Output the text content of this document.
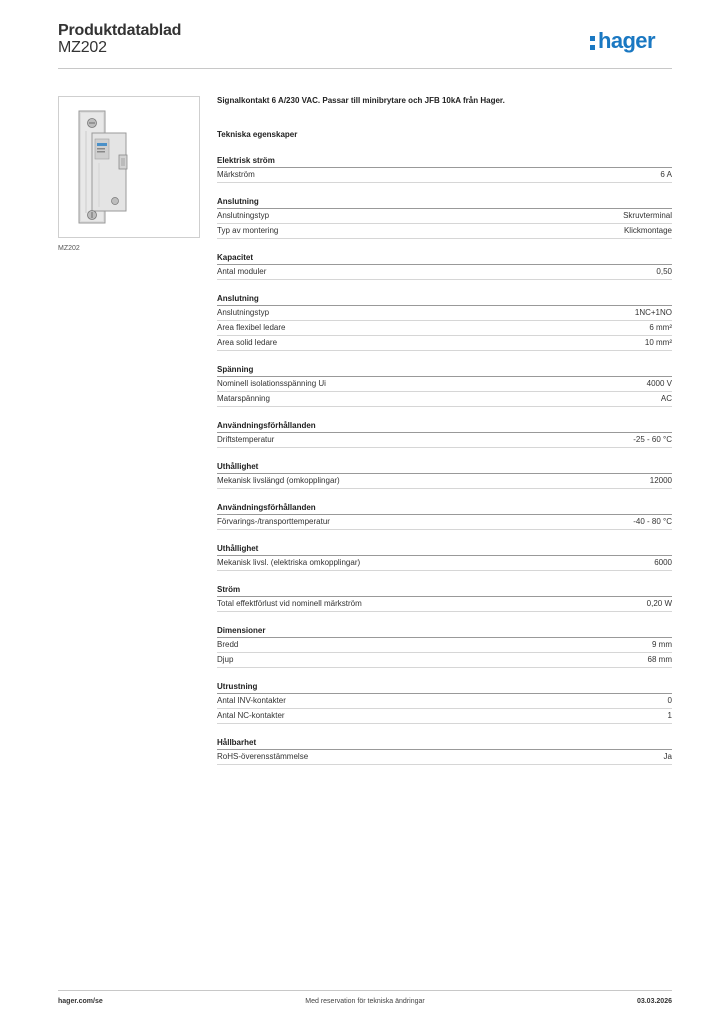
Produktdatablad
MZ202	hager
MZ202
Signalkontakt 6 A/230 VAC. Passar till minibrytare och JFB 10kA från Hager.
Tekniska egenskaper
Elektrisk ström
Märkström	6 A
Anslutning
Anslutningstyp	Skruvterminal
Typ av montering	Klickmontage
Kapacitet
Antal moduler	0,50
Anslutning
Anslutningstyp	1NC+1NO
Area flexibel ledare	6 mm²
Area solid ledare	10 mm²
Spänning
Nominell isolationsspänning Ui	4000 V
Matarspänning	AC
Användningsförhållanden
Driftstemperatur	-25 - 60 °C
Uthållighet
Mekanisk livslängd (omkopplingar)	12000
Användningsförhållanden
Förvarings-/transporttemperatur	-40 - 80 °C
Uthållighet
Mekanisk livsl. (elektriska omkopplingar)	6000
Ström
Total effektförlust vid nominell märkström	0,20 W
Dimensioner
Bredd	9 mm
Djup	68 mm
Utrustning
Antal INV-kontakter	0
Antal NC-kontakter	1
Hållbarhet
RoHS-överensstämmelse	Ja
hager.com/se	Med reservation för tekniska ändringar	03.03.2026
